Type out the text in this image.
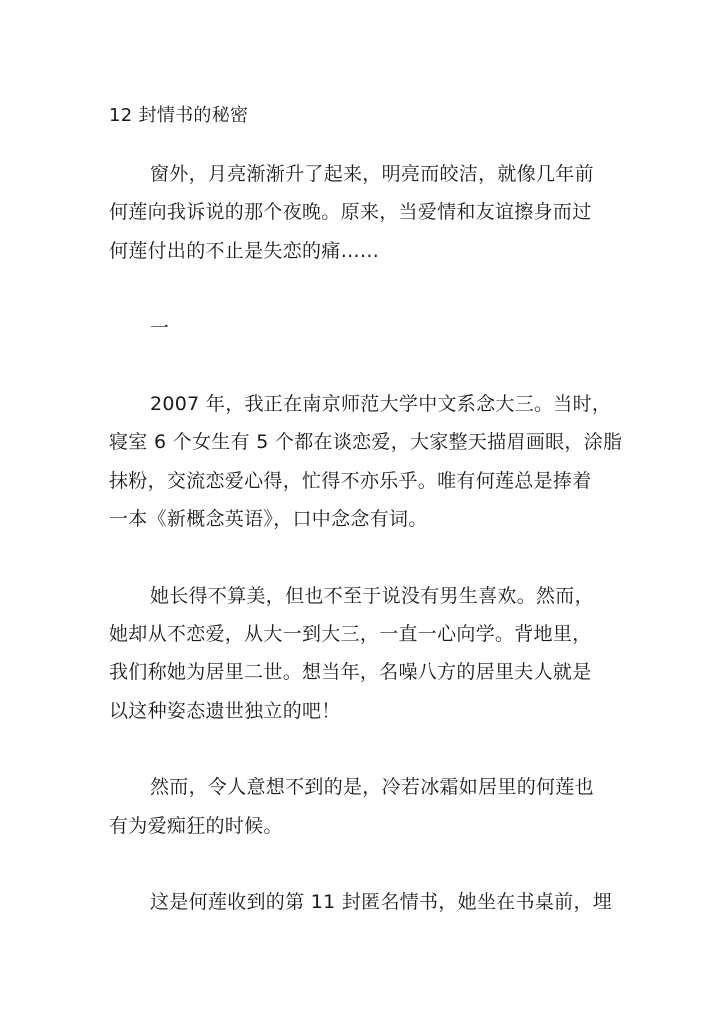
12 封情书的秘密
窗外，月亮渐渐升了起来，明亮而皎洁，就像几年前
何莲向我诉说的那个夜晚。原来，当爱情和友谊擦身而过
何莲付出的不止是失恋的痛……
一
2007 年，我正在南京师范大学中文系念大三。当时，
寝室 6 个女生有 5 个都在谈恋爱，大家整天描眉画眼，涂脂
抹粉，交流恋爱心得，忙得不亦乐乎。唯有何莲总是捧着
一本《新概念英语》，口中念念有词。
她长得不算美，但也不至于说没有男生喜欢。然而，
她却从不恋爱，从大一到大三，一直一心向学。背地里，
我们称她为居里二世。想当年，名噪八方的居里夫人就是
以这种姿态遗世独立的吧！
然而，令人意想不到的是，冷若冰霜如居里的何莲也
有为爱痴狂的时候。
这是何莲收到的第 11 封匿名情书，她坐在书桌前，埋
